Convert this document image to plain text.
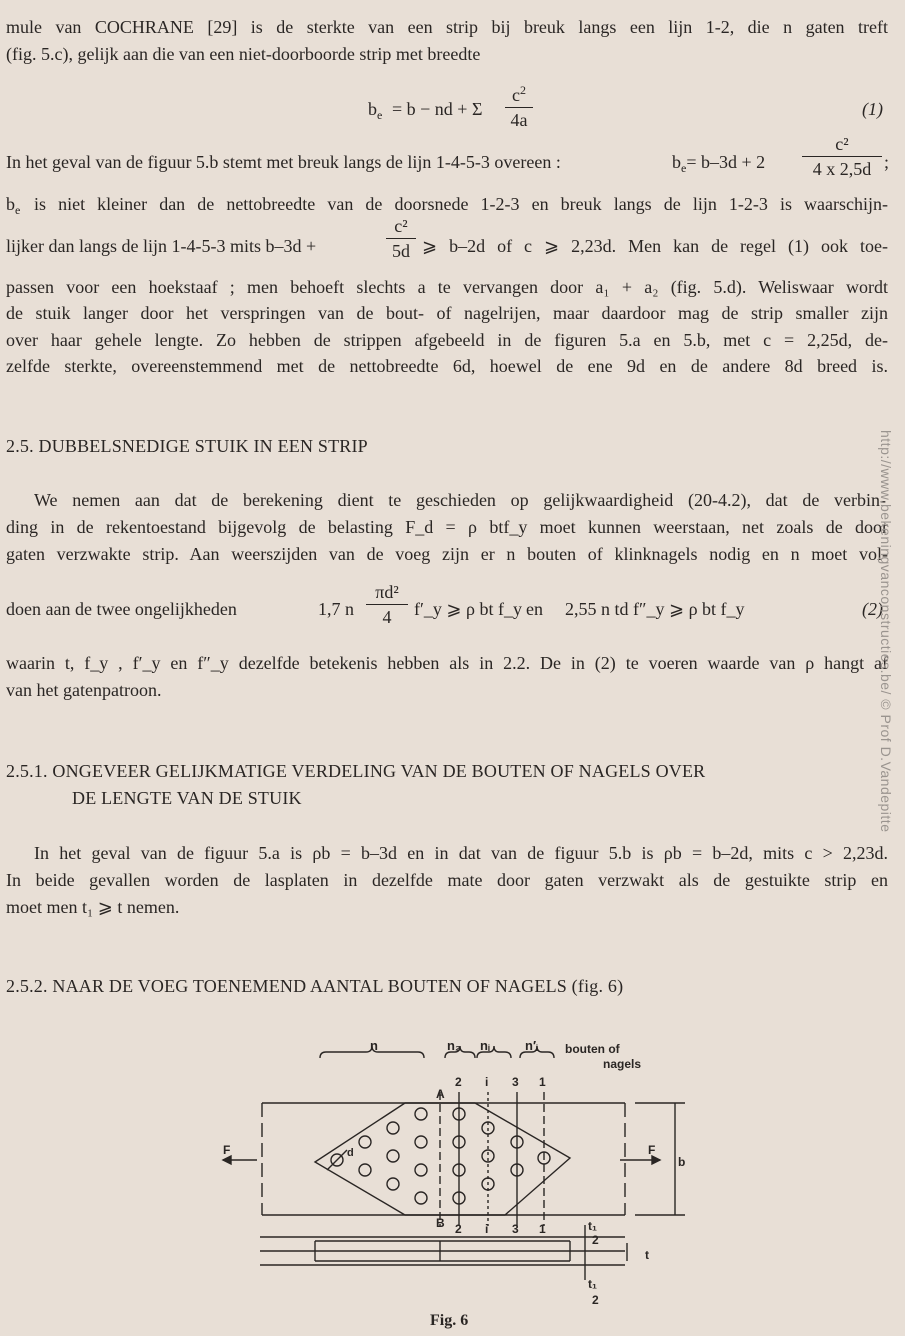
mule van COCHRANE [29] is de sterkte van een strip bij breuk langs een lijn 1-2, die n gaten treft
(fig. 5.c), gelijk aan die van een niet-doorboorde strip met breedte
$b_e = b$ − nd + Σ
$c^2$
4a
(1)
In het geval van de figuur 5.b stemt met breuk langs de lijn 1-4-5-3 overeen :	$b_e= b-3d + 2$
c²
4 x 2,5d ;
$b_e$ is niet kleiner dan de nettobreedte van de doorsnede 1-2-3 en breuk langs de lijn 1-2-3 is waarschijn-
lijker dan langs de lijn 1-4-5-3 mits b–3d +
c²
5d ⩾ b–2d of c ⩾ 2,23d. Men kan de regel (1) ook toe-
passen voor een hoekstaaf ; men behoeft slechts a te vervangen door a₁ + a₂ (fig. 5.d). Weliswaar wordt
de stuik langer door het verspringen van de bout- of nagelrijen, maar daardoor mag de strip smaller zijn
over haar gehele lengte. Zo hebben de strippen afgebeeld in de figuren 5.a en 5.b, met c = 2,25d, de-
zelfde sterkte, overeenstemmend met de nettobreedte 6d, hoewel de ene 9d en de andere 8d breed is.
2.5. DUBBELSNEDIGE STUIK IN EEN STRIP
We nemen aan dat de berekening dient te geschieden op gelijkwaardigheid (20-4.2), dat de verbin-
ding in de rekentoestand bijgevolg de belasting F_d = ρ btf_y moet kunnen weerstaan, net zoals de door
gaten verzwakte strip. Aan weerszijden van de voeg zijn er n bouten of klinknagels nodig en n moet vol-
doen aan de twee ongelijkheden	1,7 n
πd²
4	f′_y ⩾ ρ bt f_y en 2,55 n td f″_y ⩾ ρ bt f_y	(2)
waarin t, f_y , f′_y en f″_y dezelfde betekenis hebben als in 2.2. De in (2) te voeren waarde van ρ hangt af
van het gatenpatroon.
2.5.1. ONGEVEER GELIJKMATIGE VERDELING VAN DE BOUTEN OF NAGELS OVER
DE LENGTE VAN DE STUIK
In het geval van de figuur 5.a is ρb = b–3d en in dat van de figuur 5.b is ρb = b–2d, mits c > 2,23d.
In beide gevallen worden de lasplaten in dezelfde mate door gaten verzwakt als de gestuikte strip en
moet men t₁ ⩾ t nemen.
2.5.2. NAAR DE VOEG TOENEMEND AANTAL BOUTEN OF NAGELS (fig. 6)
http://www.bekeningvanconstructies.be/ © Prof D.Vandepitte
n	n₂ nᵢ	n′ᵢ bouten of
nagels
A
2 i 3 1
B 2 i 3 1
F	F
d
b
t
t₁
2
t₁
2
Fig. 6
